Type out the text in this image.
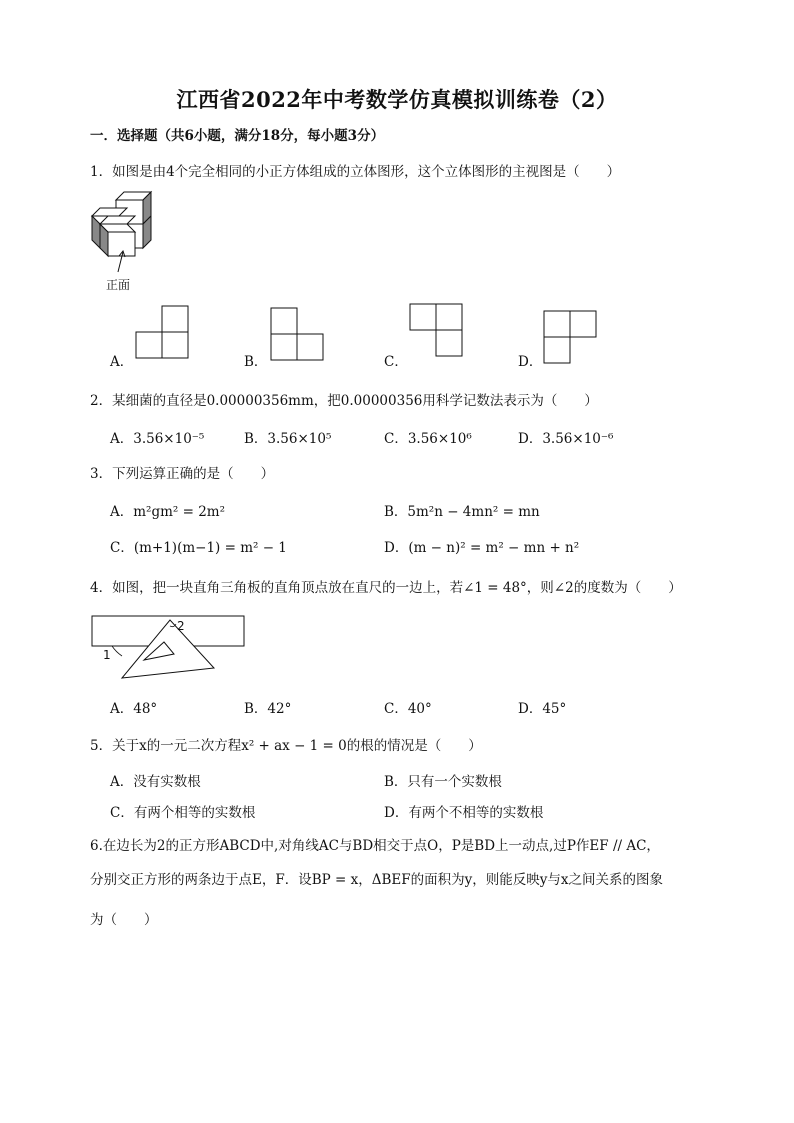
江西省2022年中考数学仿真模拟训练卷（2）
一．选择题（共6小题，满分18分，每小题3分）
1．如图是由4个完全相同的小正方体组成的立体图形，这个立体图形的主视图是（　　）
正面
A．	B．	C．	D．
2．某细菌的直径是0.00000356mm，把0.00000356用科学记数法表示为（　　）
A．3.56×10⁻⁵	B．3.56×10⁵	C．3.56×10⁶	D．3.56×10⁻⁶
3．下列运算正确的是（　　）
A．m²gm² = 2m²	B．5m²n − 4mn² = mn
C．(m+1)(m−1) = m² − 1	D．(m − n)² = m² − mn + n²
4．如图，把一块直角三角板的直角顶点放在直尺的一边上，若∠1 = 48°，则∠2的度数为（　　）
1
2
A．48°	B．42°	C．40°	D．45°
5．关于x的一元二次方程x² + ax − 1 = 0的根的情况是（　　）
A．没有实数根	B．只有一个实数根
C．有两个相等的实数根	D．有两个不相等的实数根
6.在边长为2的正方形ABCD中,对角线AC与BD相交于点O，P是BD上一动点,过P作EF // AC，
分别交正方形的两条边于点E，F．设BP = x，ΔBEF的面积为y，则能反映y与x之间关系的图象
为（　　）
